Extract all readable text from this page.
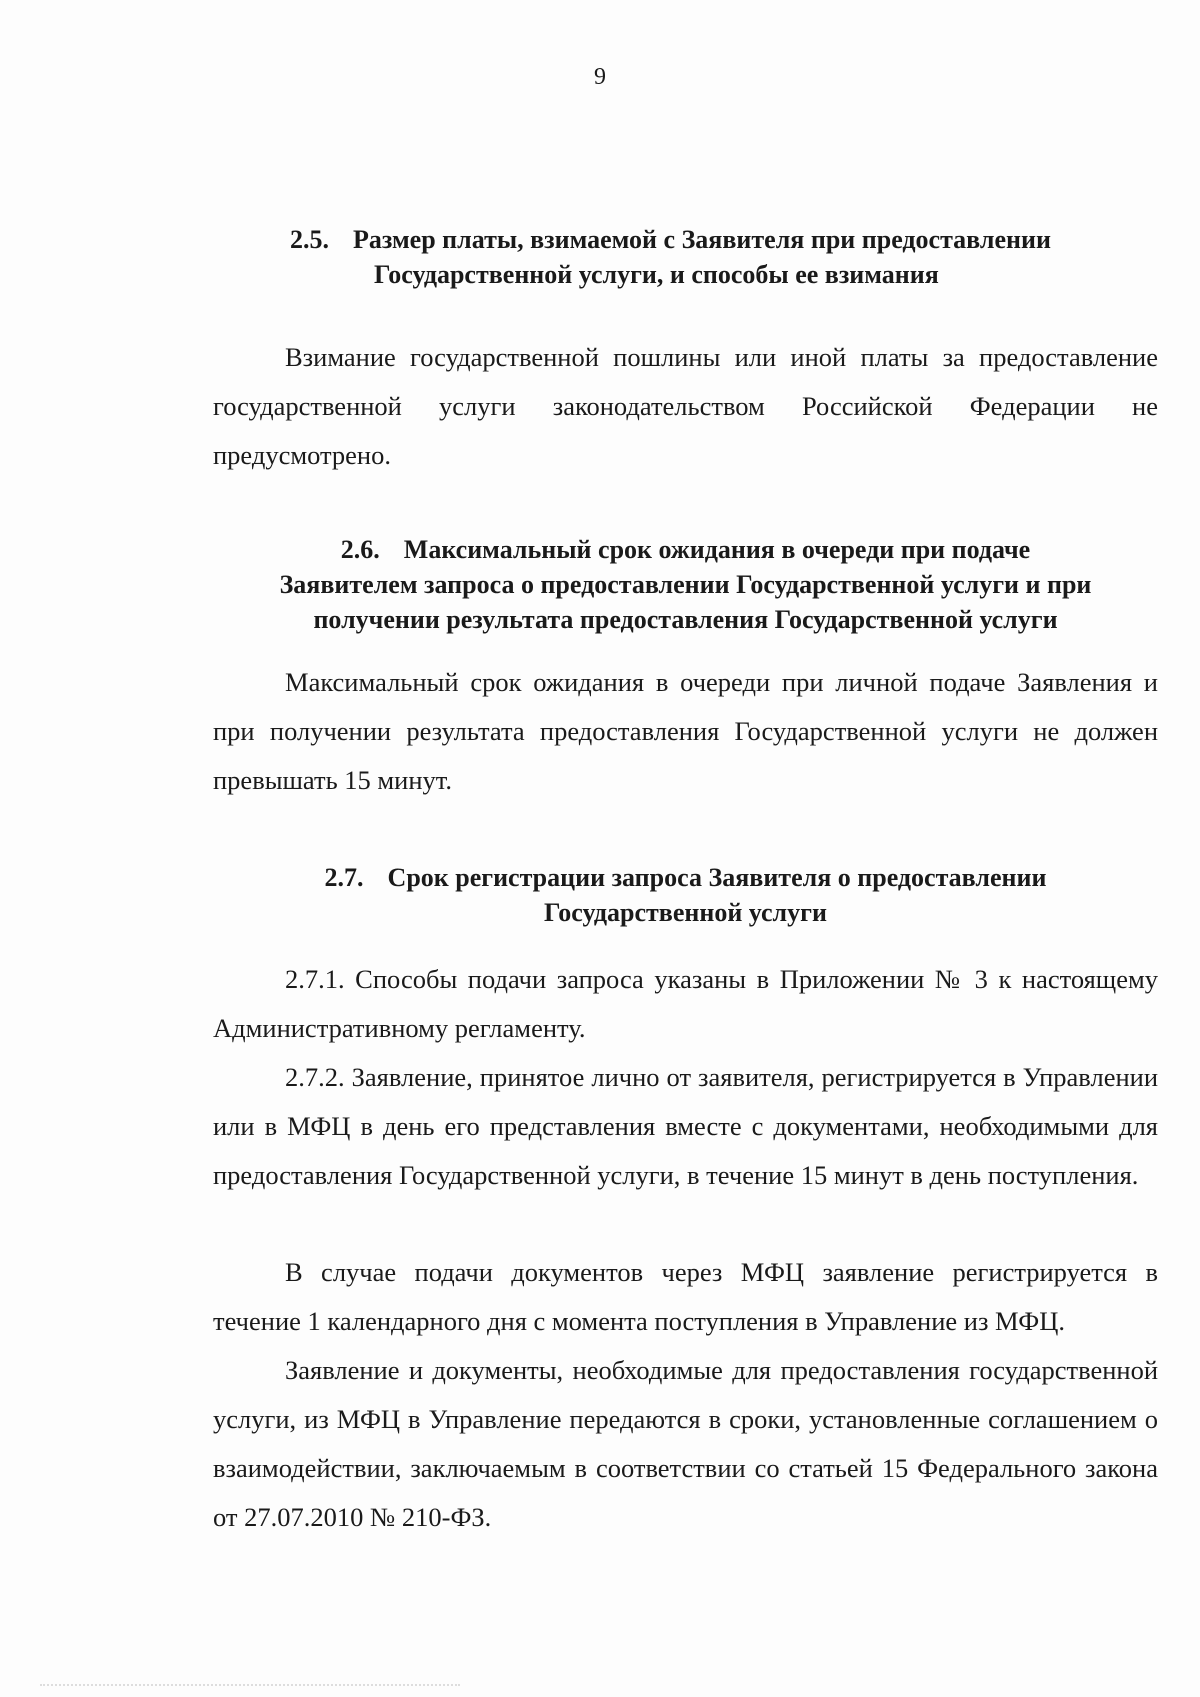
9
2.5. Размер платы, взимаемой с Заявителя при предоставлении
Государственной услуги, и способы ее взимания

Взимание государственной пошлины или иной платы за предоставление государственной услуги законодательством Российской Федерации не предусмотрено.

2.6. Максимальный срок ожидания в очереди при подаче
Заявителем запроса о предоставлении Государственной услуги и при
получении результата предоставления Государственной услуги

Максимальный срок ожидания в очереди при личной подаче Заявления и при получении результата предоставления Государственной услуги не должен превышать 15 минут.

2.7. Срок регистрации запроса Заявителя о предоставлении
Государственной услуги

2.7.1. Способы подачи запроса указаны в Приложении № 3 к настоящему Административному регламенту.

2.7.2. Заявление, принятое лично от заявителя, регистрируется в Управлении или в МФЦ в день его представления вместе с документами, необходимыми для предоставления Государственной услуги, в течение 15 минут в день поступления.

В случае подачи документов через МФЦ заявление регистрируется в течение 1 календарного дня с момента поступления в Управление из МФЦ.

Заявление и документы, необходимые для предоставления государственной услуги, из МФЦ в Управление передаются в сроки, установленные соглашением о взаимодействии, заключаемым в соответствии со статьей 15 Федерального закона от 27.07.2010 № 210-ФЗ.
